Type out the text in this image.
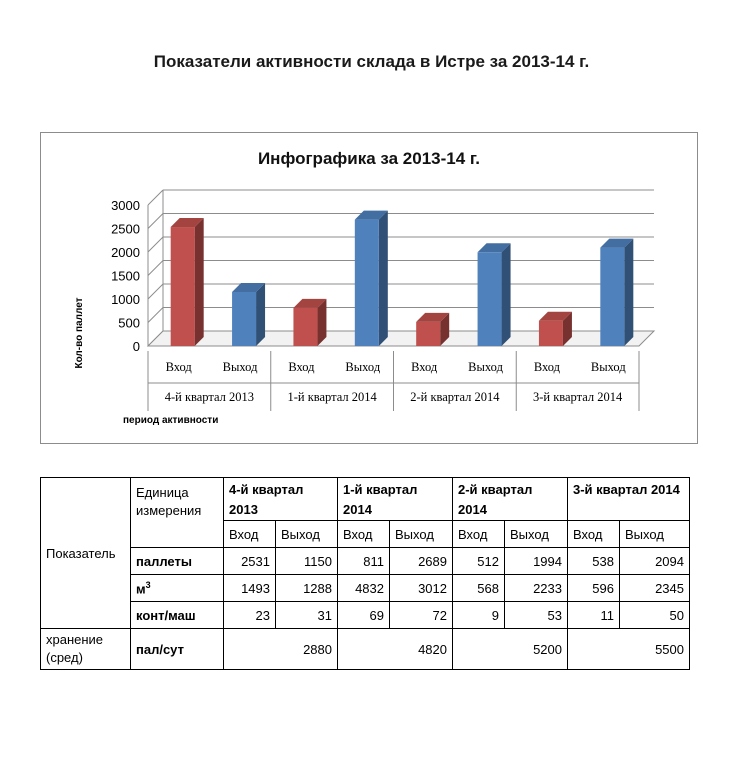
Показатели активности склада в Истре за 2013-14 г.
Инфографика за 2013-14 г.
0
500
1000
1500
2000
2500
3000
Вход Выход Вход Выход Вход Выход Вход Выход
4-й квартал 2013	1-й квартал 2014	2-й квартал 2014	3-й квартал 2014
Кол-во паллет
период активности
Показатель	Единица измерения	4-й квартал 2013		1-й квартал 2014		2-й квартал 2014		3-й квартал 2014	
		Вход	Выход	Вход	Выход	Вход	Выход	Вход	Выход
	паллеты	2531	1150	811	2689	512	1994	538	2094
	$м^3$	1493	1288	4832	3012	568	2233	596	2345
	конт/маш	23	31	69	72	9	53	11	50
хранение (сред)	пал/сут	2880		4820		5200		5500	
